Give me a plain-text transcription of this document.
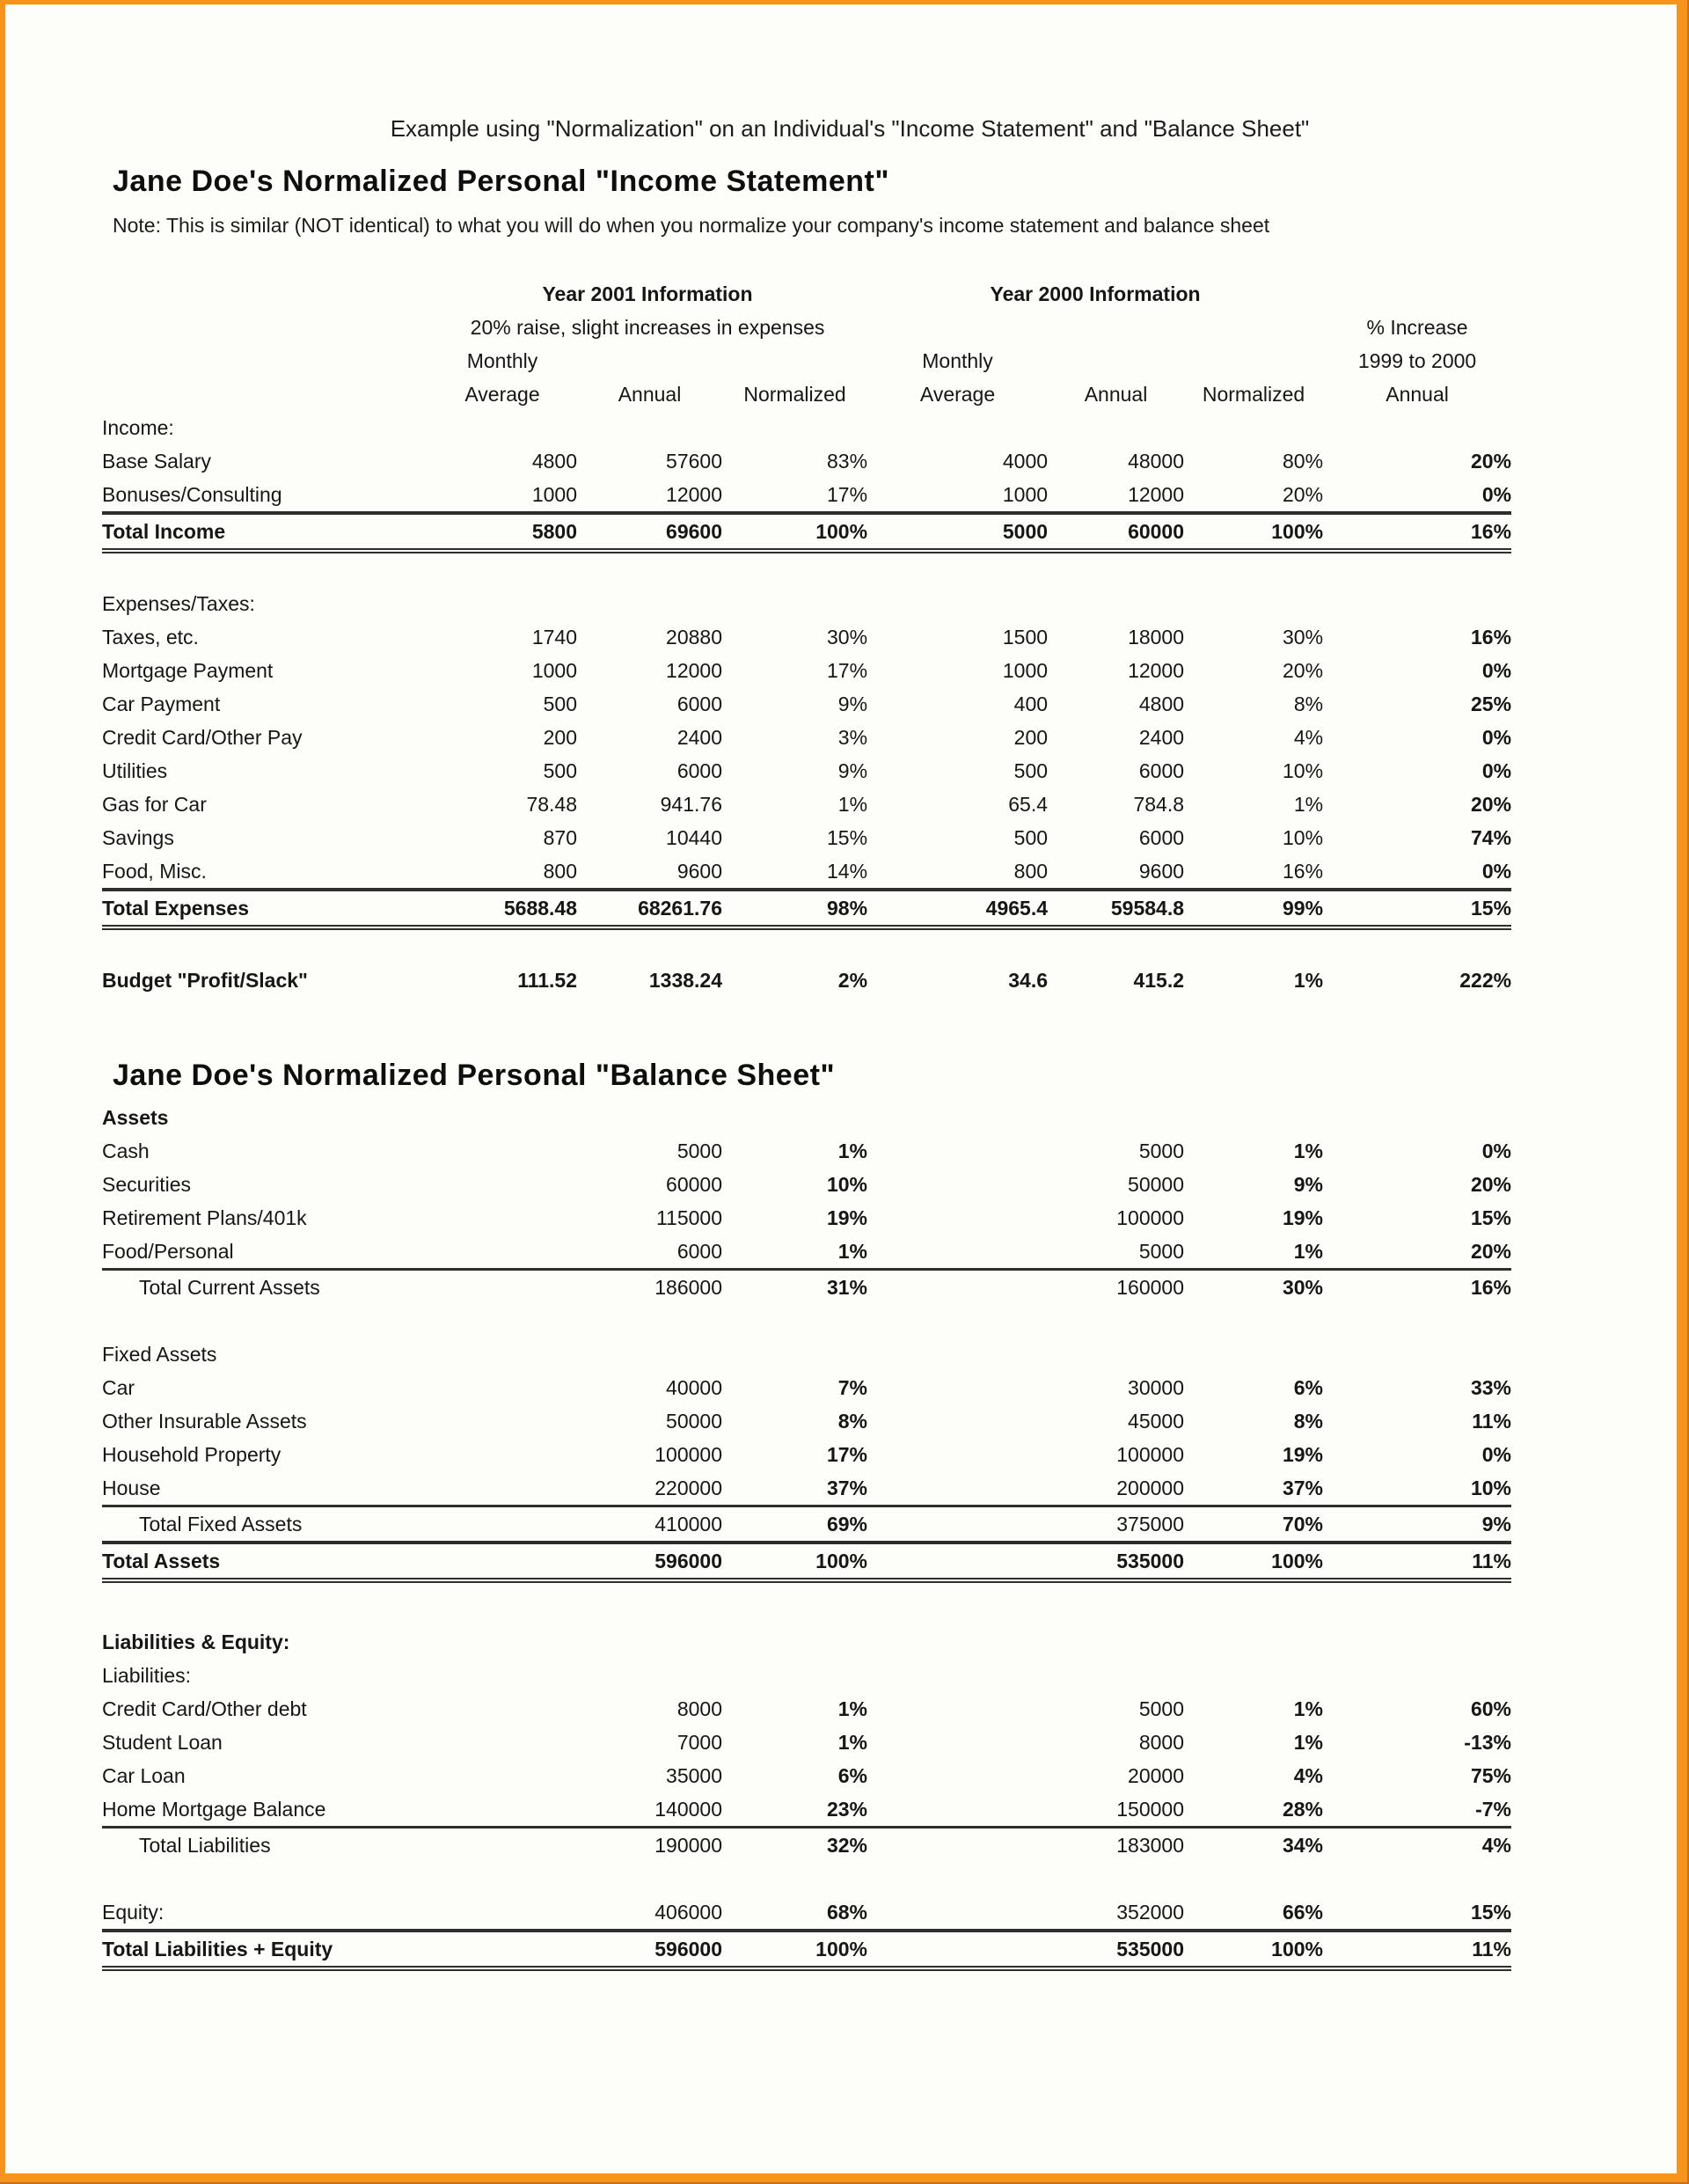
Example using "Normalization" on an Individual's "Income Statement" and "Balance Sheet"
Jane Doe's Normalized Personal "Income Statement"
Note: This is similar (NOT identical) to what you will do when you normalize your company's income statement and balance sheet
	Year 2001 Information			Year 2000 Information			
	20% raise, slight increases in expenses						% Increase
	Monthly			Monthly			1999 to 2000
	Average	Annual	Normalized	Average	Annual	Normalized	Annual
Income:							
Base Salary	4800	57600	83%	4000	48000	80%	20%
Bonuses/Consulting	1000	12000	17%	1000	12000	20%	0%
Total Income	5800	69600	100%	5000	60000	100%	16%

Expenses/Taxes:							
Taxes, etc.	1740	20880	30%	1500	18000	30%	16%
Mortgage Payment	1000	12000	17%	1000	12000	20%	0%
Car Payment	500	6000	9%	400	4800	8%	25%
Credit Card/Other Pay	200	2400	3%	200	2400	4%	0%
Utilities	500	6000	9%	500	6000	10%	0%
Gas for Car	78.48	941.76	1%	65.4	784.8	1%	20%
Savings	870	10440	15%	500	6000	10%	74%
Food, Misc.	800	9600	14%	800	9600	16%	0%
Total Expenses	5688.48	68261.76	98%	4965.4	59584.8	99%	15%

Budget "Profit/Slack"	111.52	1338.24	2%	34.6	415.2	1%	222%
Jane Doe's Normalized Personal "Balance Sheet"
Assets							
Cash		5000	1%		5000	1%	0%
Securities		60000	10%		50000	9%	20%
Retirement Plans/401k		115000	19%		100000	19%	15%
Food/Personal		6000	1%		5000	1%	20%
Total Current Assets		186000	31%		160000	30%	16%

Fixed Assets							
Car		40000	7%		30000	6%	33%
Other Insurable Assets		50000	8%		45000	8%	11%
Household Property		100000	17%		100000	19%	0%
House		220000	37%		200000	37%	10%
Total Fixed Assets		410000	69%		375000	70%	9%
Total Assets		596000	100%		535000	100%	11%

Liabilities & Equity:							
Liabilities:							
Credit Card/Other debt		8000	1%		5000	1%	60%
Student Loan		7000	1%		8000	1%	-13%
Car Loan		35000	6%		20000	4%	75%
Home Mortgage Balance		140000	23%		150000	28%	-7%
Total Liabilities		190000	32%		183000	34%	4%

Equity:		406000	68%		352000	66%	15%
Total Liabilities + Equity		596000	100%		535000	100%	11%
